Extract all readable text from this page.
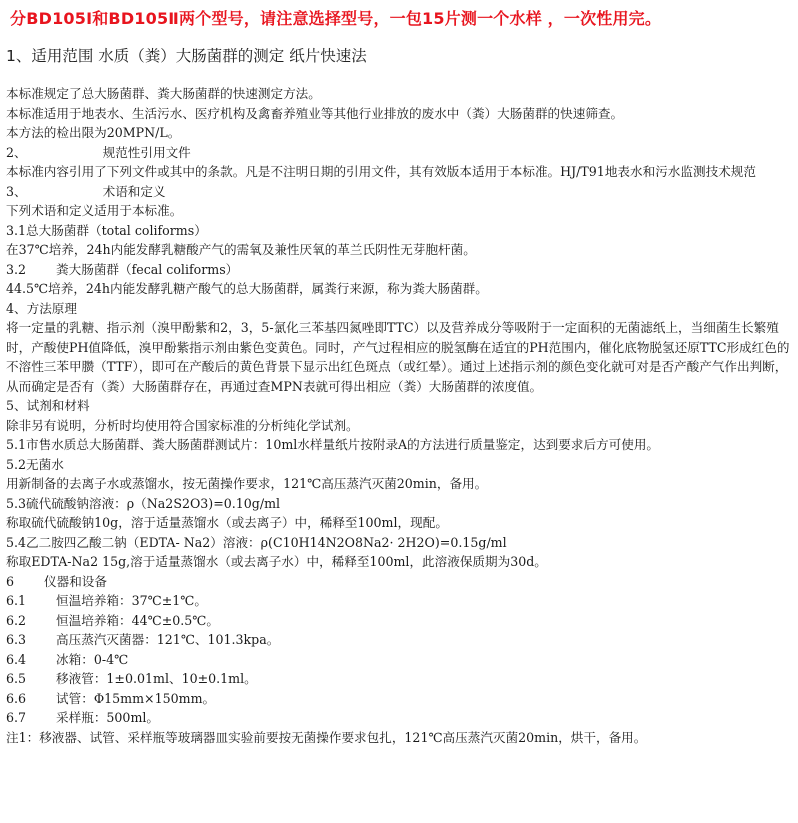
分BD105Ⅰ和BD105Ⅱ两个型号，请注意选择型号，一包15片测一个水样 ，一次性用完。
1、适用范围 水质（粪）大肠菌群的测定 纸片快速法
本标准规定了总大肠菌群、粪大肠菌群的快速测定方法。
本标准适用于地表水、生活污水、医疗机构及禽畜养殖业等其他行业排放的废水中（粪）大肠菌群的快速筛查。
本方法的检出限为20MPN/L。
2、	规范性引用文件
本标准内容引用了下列文件或其中的条款。凡是不注明日期的引用文件，其有效版本适用于本标准。HJ/T91地表水和污水监测技术规范
3、	术语和定义
下列术语和定义适用于本标准。
3.1总大肠菌群（total coliforms）
在37℃培养，24h内能发酵乳糖酸产气的需氧及兼性厌氧的革兰氏阴性无芽胞杆菌。
3.2 粪大肠菌群（fecal coliforms）
44.5℃培养，24h内能发酵乳糖产酸气的总大肠菌群，属粪行来源，称为粪大肠菌群。
4、方法原理
将一定量的乳糖、指示剂（溴甲酚紫和2，3，5-氯化三苯基四氮唑即TTC）以及营养成分等吸附于一定面积的无菌滤纸上，当细菌生长繁殖时，产酸使PH值降低，溴甲酚紫指示剂由紫色变黄色。同时，产气过程相应的脱氢酶在适宜的PH范围内，催化底物脱氢还原TTC形成红色的不溶性三苯甲臜（TTF），即可在产酸后的黄色背景下显示出红色斑点（或红晕）。通过上述指示剂的颜色变化就可对是否产酸产气作出判断，从而确定是否有（粪）大肠菌群存在，再通过查MPN表就可得出相应（粪）大肠菌群的浓度值。
5、试剂和材料
除非另有说明，分析时均使用符合国家标准的分析纯化学试剂。
5.1市售水质总大肠菌群、粪大肠菌群测试片：10ml水样量纸片按附录A的方法进行质量鉴定，达到要求后方可使用。
5.2无菌水
用新制备的去离子水或蒸馏水，按无菌操作要求，121℃高压蒸汽灭菌20min，备用。
5.3硫代硫酸钠溶液：ρ（Na2S2O3)=0.10g/ml
称取硫代硫酸钠10g，溶于适量蒸馏水（或去离子）中，稀释至100ml，现配。
5.4乙二胺四乙酸二钠（EDTA- Na2）溶液：ρ(C10H14N2O8Na2· 2H2O)=0.15g/ml
称取EDTA-Na2 15g,溶于适量蒸馏水（或去离子水）中，稀释至100ml，此溶液保质期为30d。
6 仪器和设备
6.1 恒温培养箱：37℃±1℃。
6.2 恒温培养箱：44℃±0.5℃。
6.3 高压蒸汽灭菌器：121℃、101.3kpa。
6.4 冰箱：0-4℃
6.5 移液管：1±0.01ml、10±0.1ml。
6.6 试管：Φ15mm×150mm。
6.7 采样瓶：500ml。
注1：移液器、试管、采样瓶等玻璃器皿实验前要按无菌操作要求包扎，121℃高压蒸汽灭菌20min，烘干，备用。
